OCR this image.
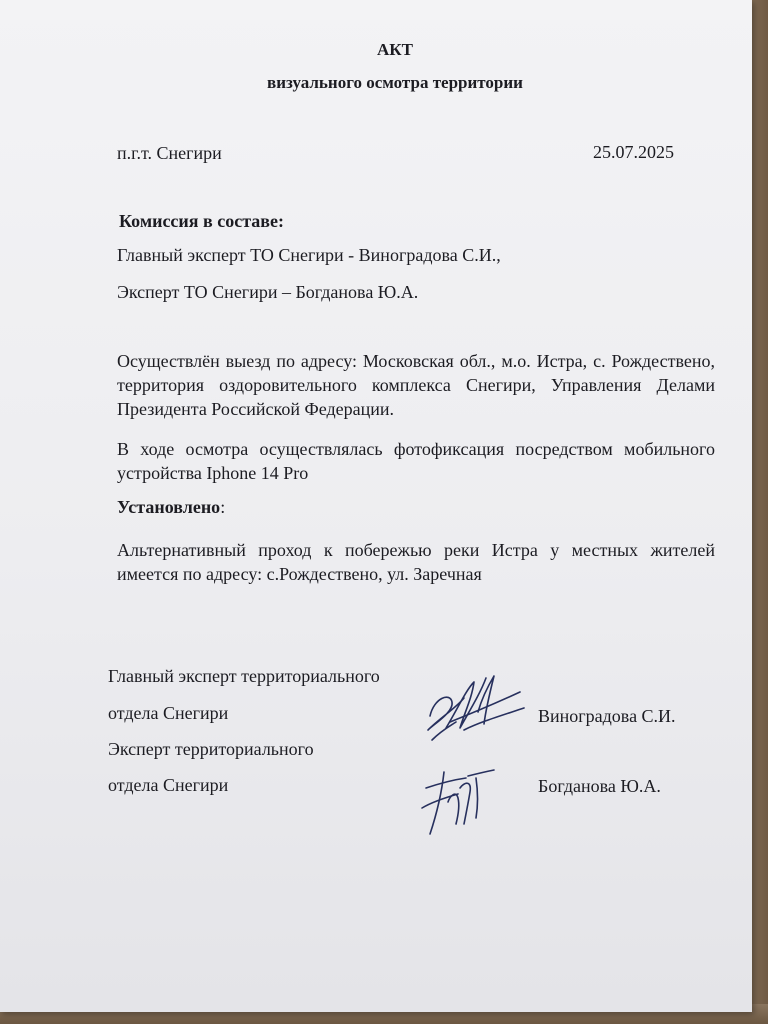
АКТ
визуального осмотра территории
п.г.т. Снегири	25.07.2025
Комиссия в составе:
Главный эксперт ТО Снегири - Виноградова С.И.,
Эксперт ТО Снегири – Богданова Ю.А.
Осуществлён выезд по адресу: Московская обл., м.о. Истра, с. Рождествено, территория оздоровительного комплекса Снегири, Управления Делами Президента Российской Федерации.
В ходе осмотра осуществлялась фотофиксация посредством мобильного устройства Iphone 14 Pro
Установлено:
Альтернативный проход к побережью реки Истра у местных жителей имеется по адресу: с.Рождествено, ул. Заречная
Главный эксперт территориального
отдела Снегири	Виноградова С.И.
Эксперт территориального
отдела Снегири	Богданова Ю.А.
